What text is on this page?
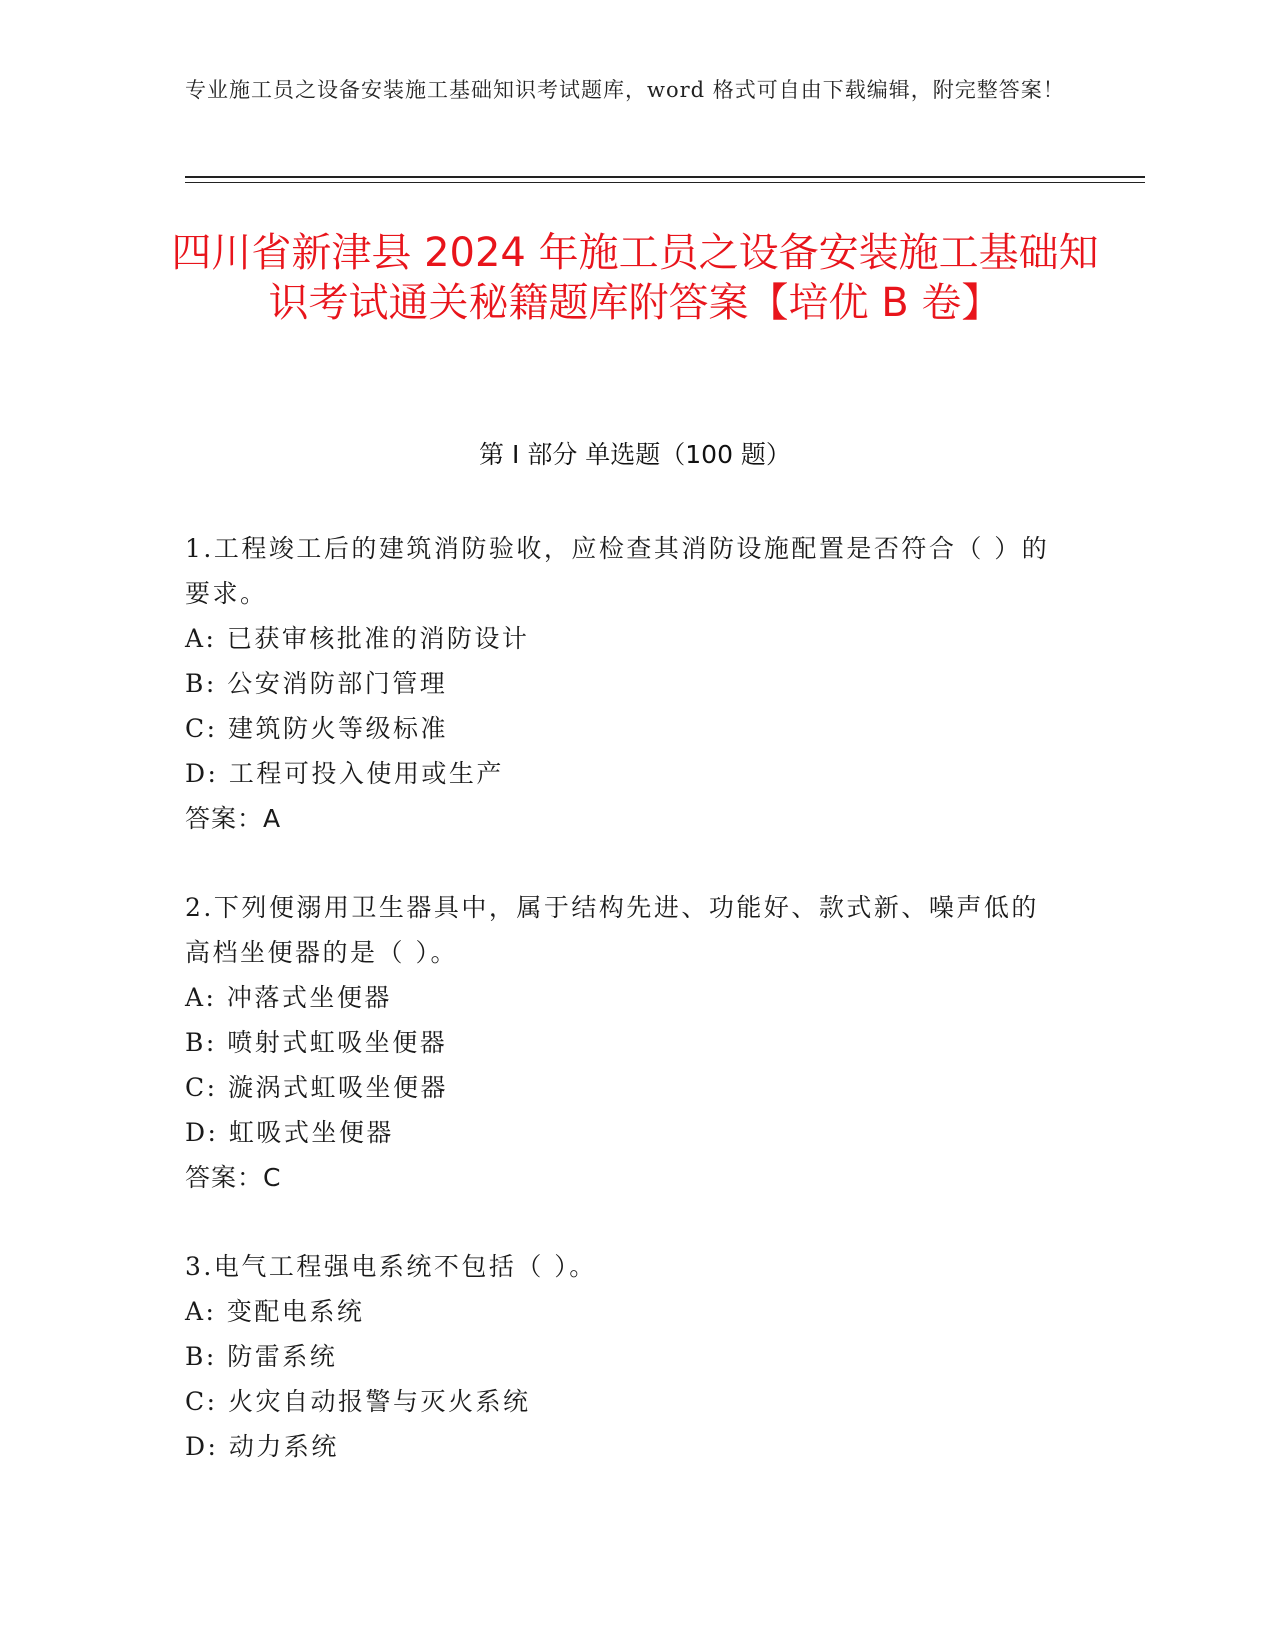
专业施工员之设备安装施工基础知识考试题库，word 格式可自由下载编辑，附完整答案！
四川省新津县 2024 年施工员之设备安装施工基础知识考试通关秘籍题库附答案【培优 B 卷】
第 I 部分 单选题（100 题）

1.工程竣工后的建筑消防验收，应检查其消防设施配置是否符合（ ）的要求。

A: 已获审核批准的消防设计

B: 公安消防部门管理

C: 建筑防火等级标准

D: 工程可投入使用或生产

答案：A

2.下列便溺用卫生器具中，属于结构先进、功能好、款式新、噪声低的高档坐便器的是（ ）。

A: 冲落式坐便器

B: 喷射式虹吸坐便器

C: 漩涡式虹吸坐便器

D: 虹吸式坐便器

答案：C

3.电气工程强电系统不包括（ ）。

A: 变配电系统

B: 防雷系统

C: 火灾自动报警与灭火系统

D: 动力系统
